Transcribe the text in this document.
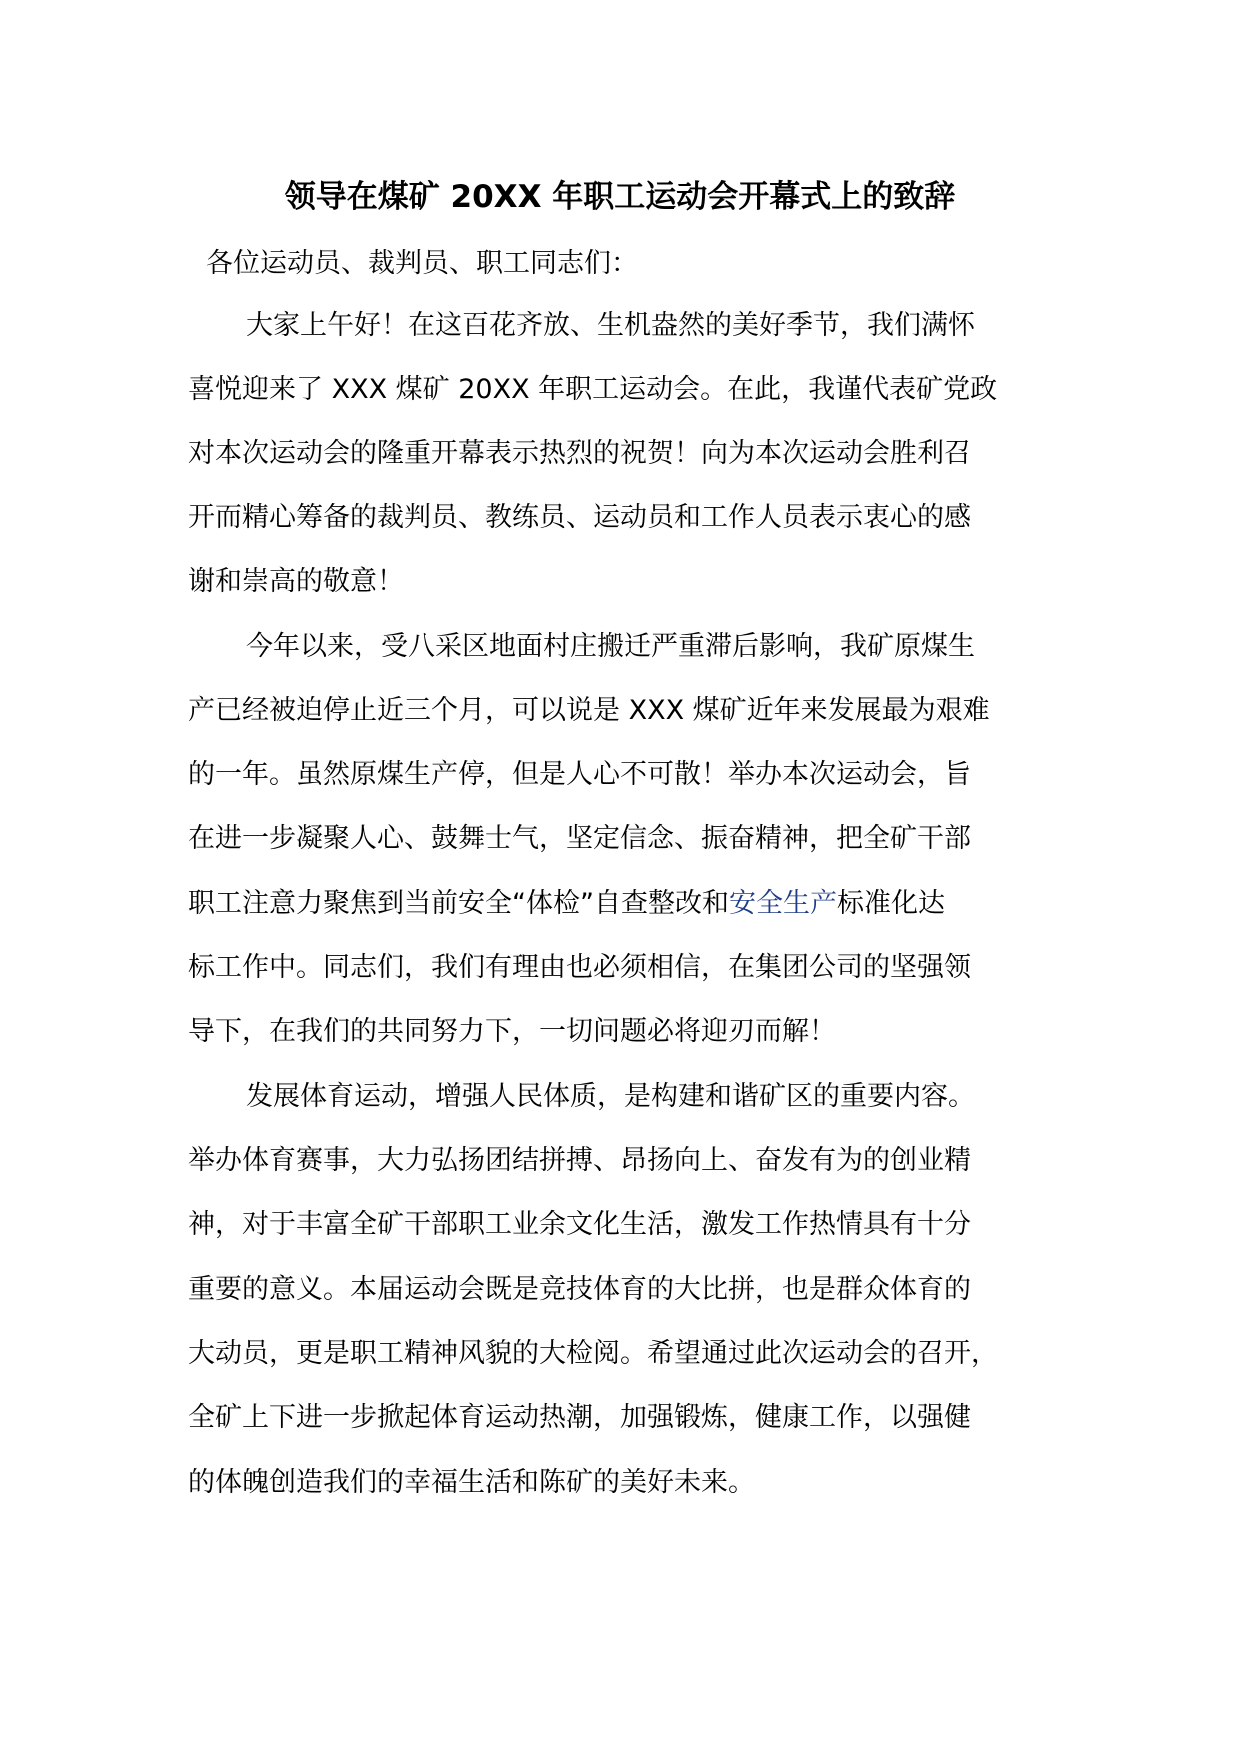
领导在煤矿 20XX 年职工运动会开幕式上的致辞
各位运动员、裁判员、职工同志们：
大家上午好！在这百花齐放、生机盎然的美好季节，我们满怀
喜悦迎来了 XXX 煤矿 20XX 年职工运动会。在此，我谨代表矿党政
对本次运动会的隆重开幕表示热烈的祝贺！向为本次运动会胜利召
开而精心筹备的裁判员、教练员、运动员和工作人员表示衷心的感
谢和崇高的敬意！
今年以来，受八采区地面村庄搬迁严重滞后影响，我矿原煤生
产已经被迫停止近三个月，可以说是 XXX 煤矿近年来发展最为艰难
的一年。虽然原煤生产停，但是人心不可散！举办本次运动会，旨
在进一步凝聚人心、鼓舞士气，坚定信念、振奋精神，把全矿干部
职工注意力聚焦到当前安全“体检”自查整改和安全生产标准化达
标工作中。同志们，我们有理由也必须相信，在集团公司的坚强领
导下，在我们的共同努力下，一切问题必将迎刃而解！
发展体育运动，增强人民体质，是构建和谐矿区的重要内容。
举办体育赛事，大力弘扬团结拼搏、昂扬向上、奋发有为的创业精
神，对于丰富全矿干部职工业余文化生活，激发工作热情具有十分
重要的意义。本届运动会既是竞技体育的大比拼，也是群众体育的
大动员，更是职工精神风貌的大检阅。希望通过此次运动会的召开，
全矿上下进一步掀起体育运动热潮，加强锻炼，健康工作，以强健
的体魄创造我们的幸福生活和陈矿的美好未来。
